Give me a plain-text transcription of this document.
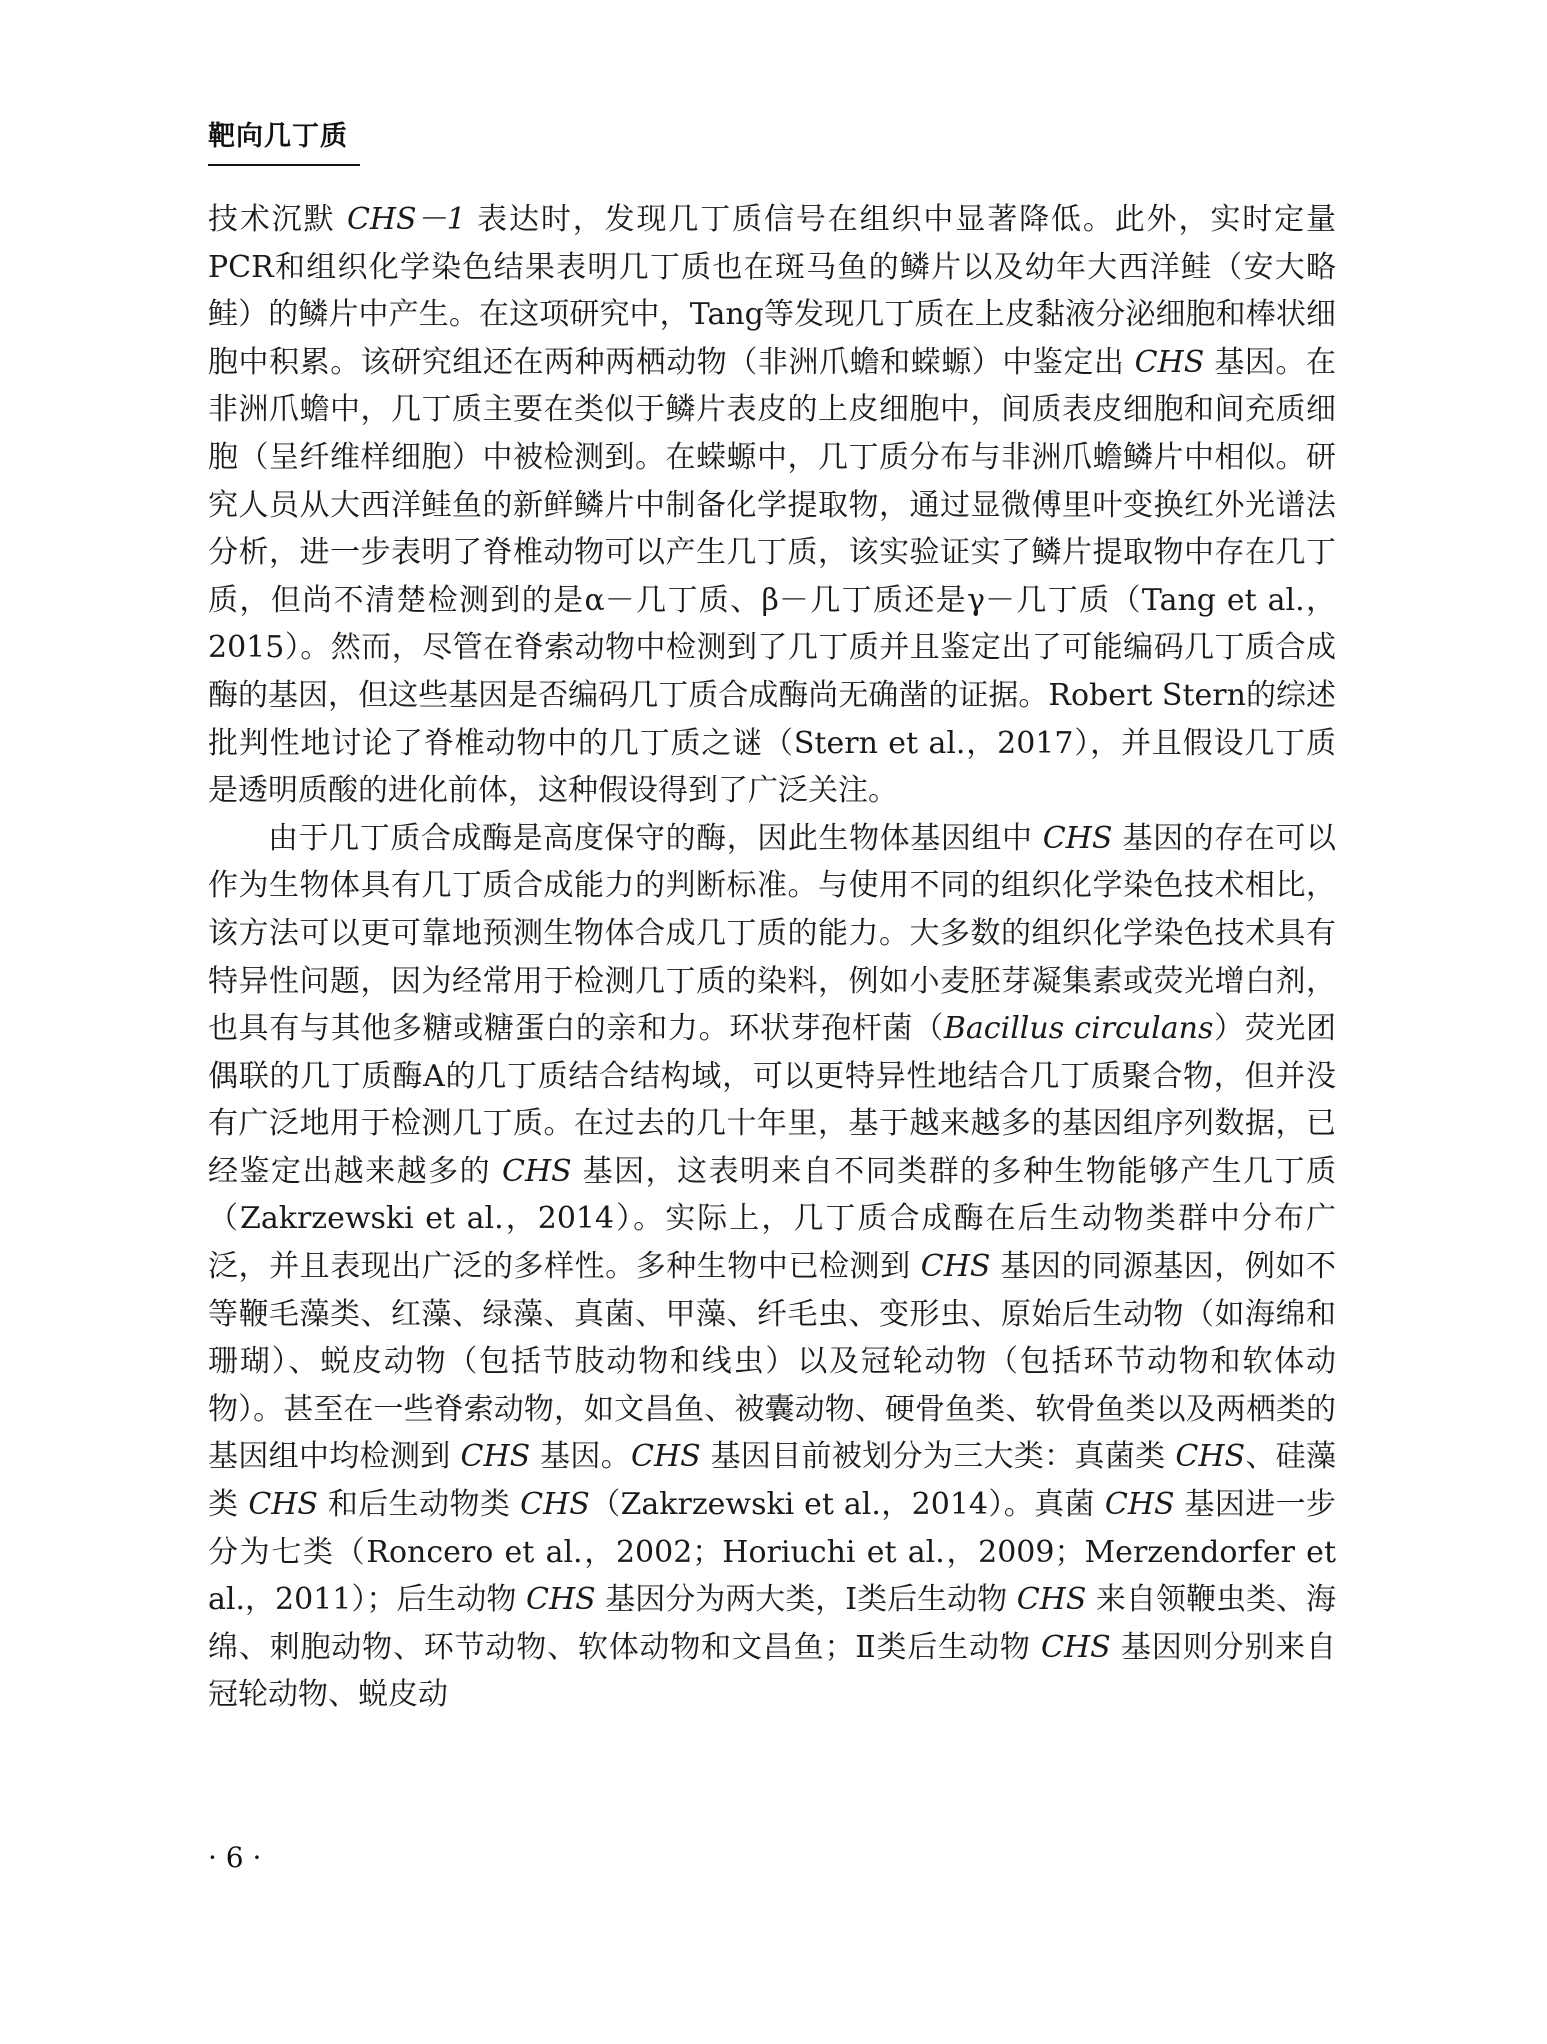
靶向几丁质

技术沉默 CHS－1 表达时，发现几丁质信号在组织中显著降低。此外，实时定量PCR和组织化学染色结果表明几丁质也在斑马鱼的鳞片以及幼年大西洋鲑（安大略鲑）的鳞片中产生。在这项研究中，Tang等发现几丁质在上皮黏液分泌细胞和棒状细胞中积累。该研究组还在两种两栖动物（非洲爪蟾和蝾螈）中鉴定出 CHS 基因。在非洲爪蟾中，几丁质主要在类似于鳞片表皮的上皮细胞中，间质表皮细胞和间充质细胞（呈纤维样细胞）中被检测到。在蝾螈中，几丁质分布与非洲爪蟾鳞片中相似。研究人员从大西洋鲑鱼的新鲜鳞片中制备化学提取物，通过显微傅里叶变换红外光谱法分析，进一步表明了脊椎动物可以产生几丁质，该实验证实了鳞片提取物中存在几丁质，但尚不清楚检测到的是α－几丁质、β－几丁质还是γ－几丁质（Tang et al.，2015）。然而，尽管在脊索动物中检测到了几丁质并且鉴定出了可能编码几丁质合成酶的基因，但这些基因是否编码几丁质合成酶尚无确凿的证据。Robert Stern的综述批判性地讨论了脊椎动物中的几丁质之谜（Stern et al.，2017），并且假设几丁质是透明质酸的进化前体，这种假设得到了广泛关注。

由于几丁质合成酶是高度保守的酶，因此生物体基因组中 CHS 基因的存在可以作为生物体具有几丁质合成能力的判断标准。与使用不同的组织化学染色技术相比，该方法可以更可靠地预测生物体合成几丁质的能力。大多数的组织化学染色技术具有特异性问题，因为经常用于检测几丁质的染料，例如小麦胚芽凝集素或荧光增白剂，也具有与其他多糖或糖蛋白的亲和力。环状芽孢杆菌（Bacillus circulans）荧光团偶联的几丁质酶A的几丁质结合结构域，可以更特异性地结合几丁质聚合物，但并没有广泛地用于检测几丁质。在过去的几十年里，基于越来越多的基因组序列数据，已经鉴定出越来越多的 CHS 基因，这表明来自不同类群的多种生物能够产生几丁质（Zakrzewski et al.，2014）。实际上，几丁质合成酶在后生动物类群中分布广泛，并且表现出广泛的多样性。多种生物中已检测到 CHS 基因的同源基因，例如不等鞭毛藻类、红藻、绿藻、真菌、甲藻、纤毛虫、变形虫、原始后生动物（如海绵和珊瑚）、蜕皮动物（包括节肢动物和线虫）以及冠轮动物（包括环节动物和软体动物）。甚至在一些脊索动物，如文昌鱼、被囊动物、硬骨鱼类、软骨鱼类以及两栖类的基因组中均检测到 CHS 基因。CHS 基因目前被划分为三大类：真菌类 CHS、硅藻类 CHS 和后生动物类 CHS（Zakrzewski et al.，2014）。真菌 CHS 基因进一步分为七类（Roncero et al.，2002；Horiuchi et al.，2009；Merzendorfer et al.，2011）；后生动物 CHS 基因分为两大类，Ⅰ类后生动物 CHS 来自领鞭虫类、海绵、刺胞动物、环节动物、软体动物和文昌鱼；Ⅱ类后生动物 CHS 基因则分别来自冠轮动物、蜕皮动

· 6 ·
